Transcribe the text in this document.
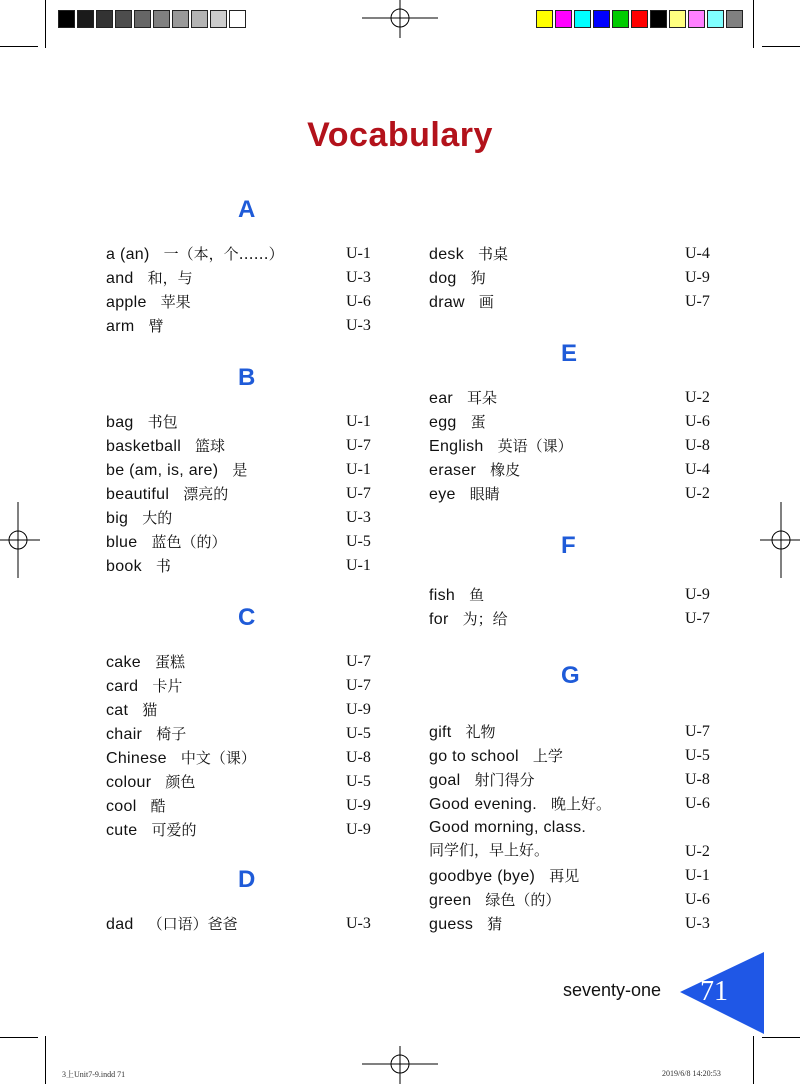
Vocabulary
A
a (an) 一（本，个……）	U-1
and 和，与	U-3
apple 苹果	U-6
arm 臂	U-3
B
bag 书包	U-1
basketball 篮球	U-7
be (am, is, are) 是	U-1
beautiful 漂亮的	U-7
big 大的	U-3
blue 蓝色（的）	U-5
book 书	U-1
C
cake 蛋糕	U-7
card 卡片	U-7
cat 猫	U-9
chair 椅子	U-5
Chinese 中文（课）	U-8
colour 颜色	U-5
cool 酷	U-9
cute 可爱的	U-9
D
dad （口语）爸爸	U-3
desk 书桌	U-4
dog 狗	U-9
draw 画	U-7
E
ear 耳朵	U-2
egg 蛋	U-6
English 英语（课）	U-8
eraser 橡皮	U-4
eye 眼睛	U-2
F
fish 鱼	U-9
for 为；给	U-7
G
gift 礼物	U-7
go to school 上学	U-5
goal 射门得分	U-8
Good evening. 晚上好。	U-6
Good morning, class.
同学们，早上好。	U-2
goodbye (bye) 再见	U-1
green 绿色（的）	U-6
guess 猜	U-3
seventy-one 71
3上Unit7-9.indd 71	2019/6/8 14:20:53
